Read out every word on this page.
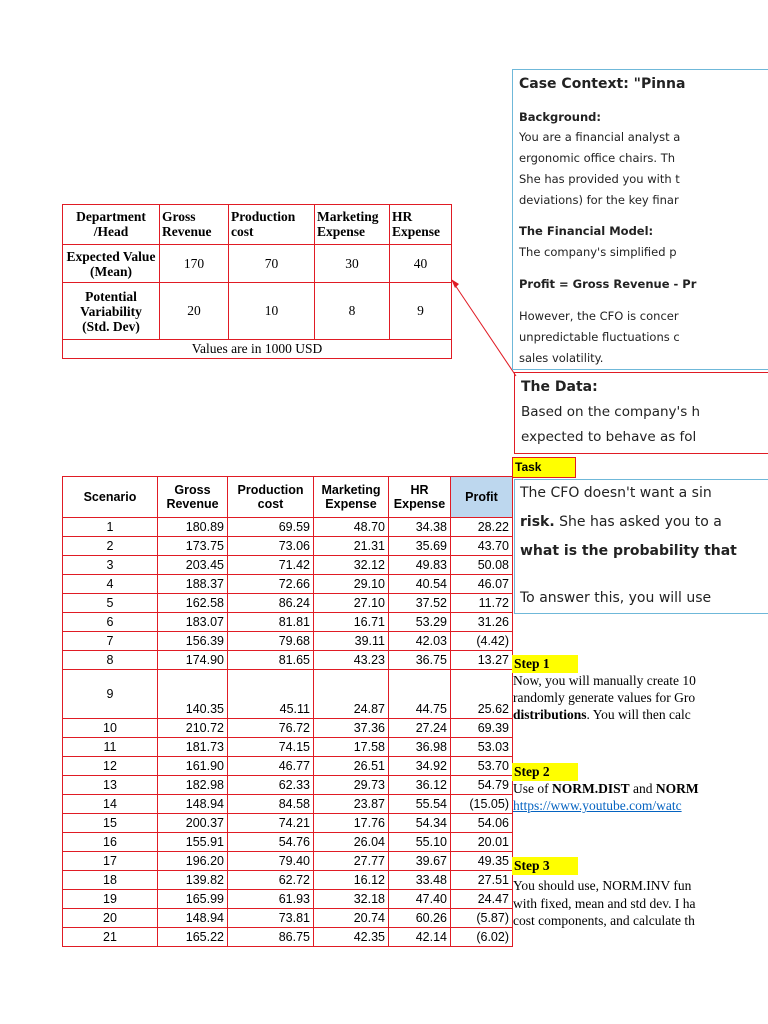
Department /Head	Gross Revenue	Production cost	Marketing Expense	HR Expense
Expected Value (Mean)	170	70	30	40
Potential Variability (Std. Dev)	20	10	8	9
Values are in 1000 USD				
Scenario	Gross Revenue	Production cost	Marketing Expense	HR Expense	Profit
1	180.89	69.59	48.70	34.38	28.22
2	173.75	73.06	21.31	35.69	43.70
3	203.45	71.42	32.12	49.83	50.08
4	188.37	72.66	29.10	40.54	46.07
5	162.58	86.24	27.10	37.52	11.72
6	183.07	81.81	16.71	53.29	31.26
7	156.39	79.68	39.11	42.03	(4.42)
8	174.90	81.65	43.23	36.75	13.27
9	140.35	45.11	24.87	44.75	25.62
10	210.72	76.72	37.36	27.24	69.39
11	181.73	74.15	17.58	36.98	53.03
12	161.90	46.77	26.51	34.92	53.70
13	182.98	62.33	29.73	36.12	54.79
14	148.94	84.58	23.87	55.54	(15.05)
15	200.37	74.21	17.76	54.34	54.06
16	155.91	54.76	26.04	55.10	20.01
17	196.20	79.40	27.77	39.67	49.35
18	139.82	62.72	16.12	33.48	27.51
19	165.99	61.93	32.18	47.40	24.47
20	148.94	73.81	20.74	60.26	(5.87)
21	165.22	86.75	42.35	42.14	(6.02)
Case Context: "Pinna
Background:
You are a financial analyst a
ergonomic office chairs. Th
She has provided you with t
deviations) for the key finar
The Financial Model:
The company's simplified p
Profit = Gross Revenue - Pr
However, the CFO is concer
unpredictable fluctuations c
sales volatility.
The Data:
Based on the company's h
expected to behave as fol
Task
The CFO doesn't want a sin
risk. She has asked you to a
what is the probability that
To answer this, you will use
Step 1
Now, you will manually create 10
randomly generate values for Gro
distributions. You will then calc
Step 2
Use of NORM.DIST and NORM
https://www.youtube.com/watc
Step 3
You should use, NORM.INV fun
with fixed, mean and std dev. I ha
cost components, and calculate th
